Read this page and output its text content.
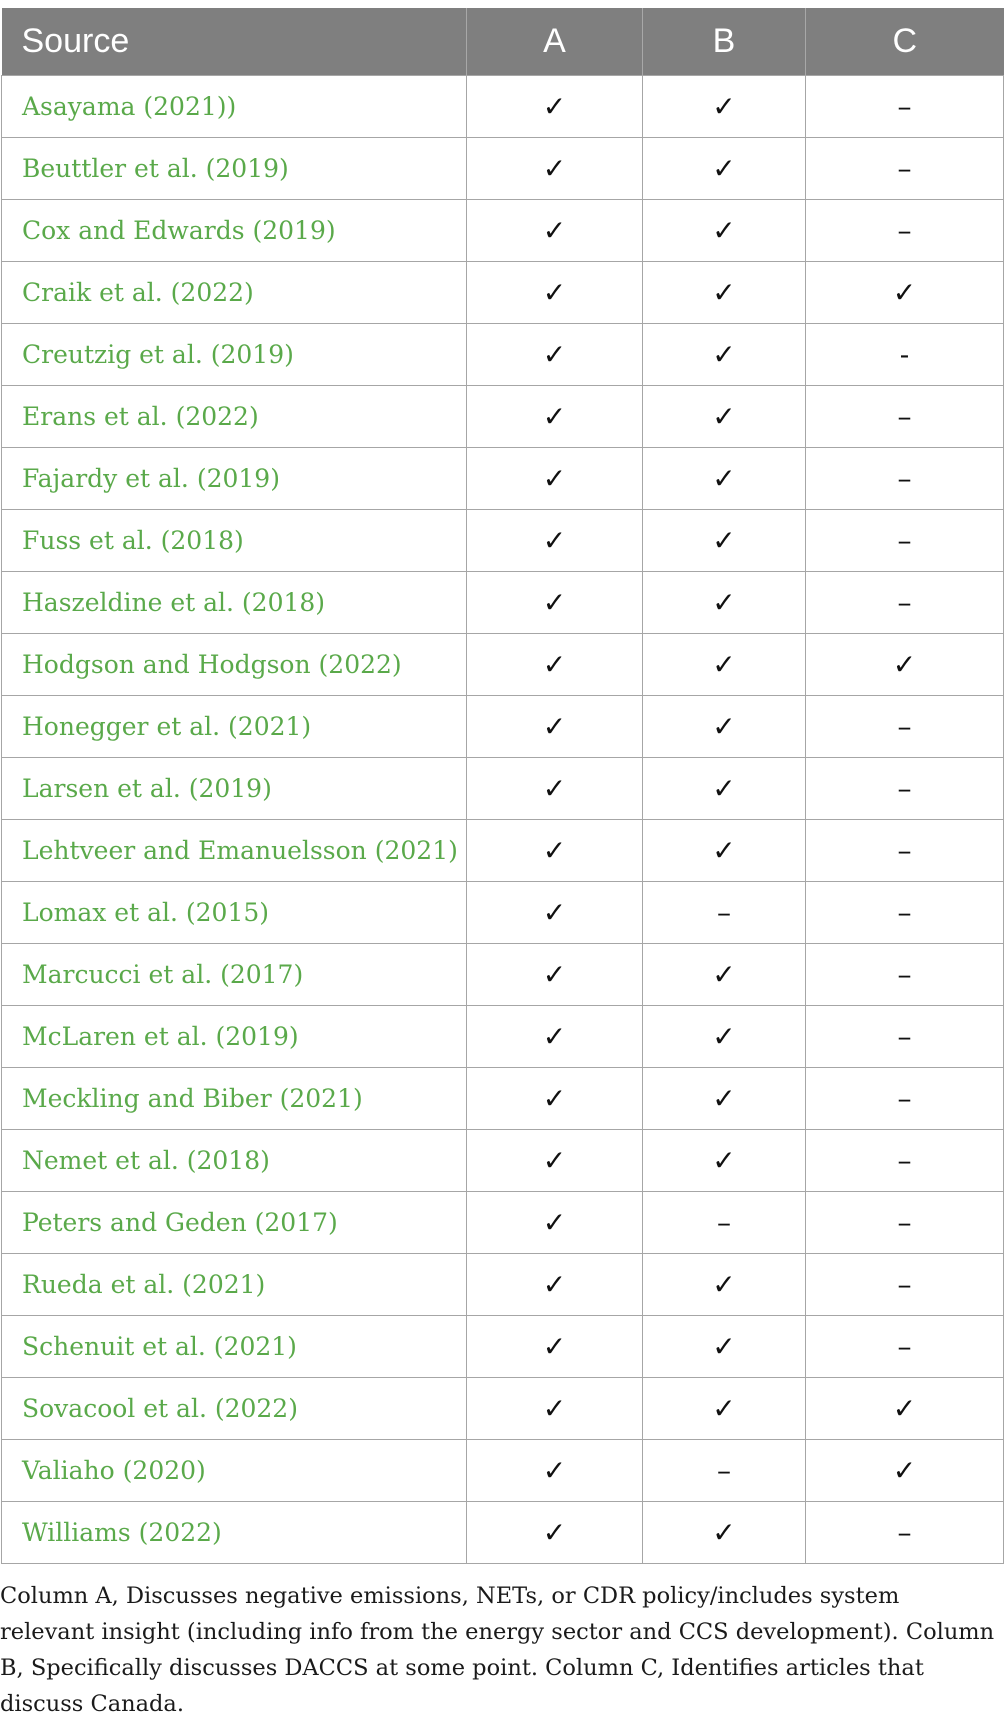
Source	A	B	C
Asayama (2021))	✓	✓	–
Beuttler et al. (2019)	✓	✓	–
Cox and Edwards (2019)	✓	✓	–
Craik et al. (2022)	✓	✓	✓
Creutzig et al. (2019)	✓	✓	-
Erans et al. (2022)	✓	✓	–
Fajardy et al. (2019)	✓	✓	–
Fuss et al. (2018)	✓	✓	–
Haszeldine et al. (2018)	✓	✓	–
Hodgson and Hodgson (2022)	✓	✓	✓
Honegger et al. (2021)	✓	✓	–
Larsen et al. (2019)	✓	✓	–
Lehtveer and Emanuelsson (2021)	✓	✓	–
Lomax et al. (2015)	✓	–	–
Marcucci et al. (2017)	✓	✓	–
McLaren et al. (2019)	✓	✓	–
Meckling and Biber (2021)	✓	✓	–
Nemet et al. (2018)	✓	✓	–
Peters and Geden (2017)	✓	–	–
Rueda et al. (2021)	✓	✓	–
Schenuit et al. (2021)	✓	✓	–
Sovacool et al. (2022)	✓	✓	✓
Valiaho (2020)	✓	–	✓
Williams (2022)	✓	✓	–
Column A, Discusses negative emissions, NETs, or CDR policy/includes system relevant insight (including info from the energy sector and CCS development). Column B, Specifically discusses DACCS at some point. Column C, Identifies articles that discuss Canada.
